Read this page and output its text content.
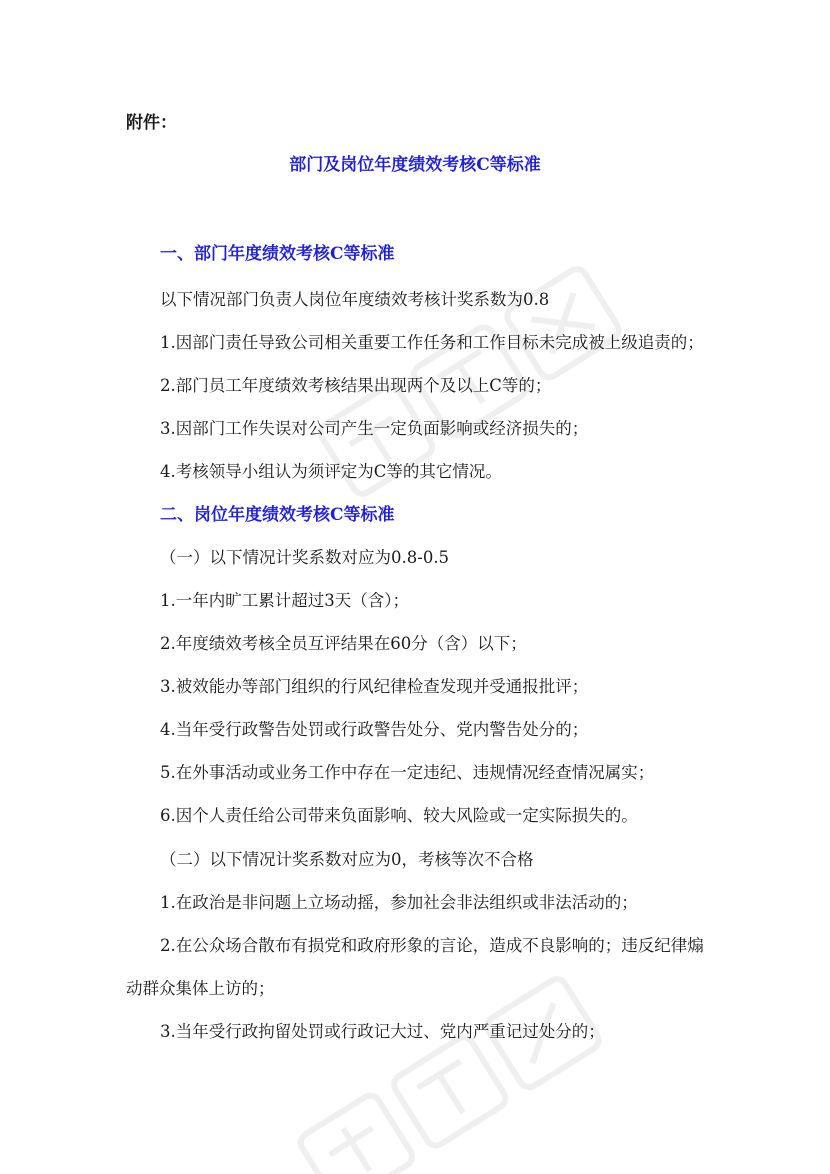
附件：
部门及岗位年度绩效考核C等标准
一、部门年度绩效考核C等标准
以下情况部门负责人岗位年度绩效考核计奖系数为0.8
1.因部门责任导致公司相关重要工作任务和工作目标未完成被上级追责的；
2.部门员工年度绩效考核结果出现两个及以上C等的；
3.因部门工作失误对公司产生一定负面影响或经济损失的；
4.考核领导小组认为须评定为C等的其它情况。
二、岗位年度绩效考核C等标准
（一）以下情况计奖系数对应为0.8-0.5
1.一年内旷工累计超过3天（含）；
2.年度绩效考核全员互评结果在60分（含）以下；
3.被效能办等部门组织的行风纪律检查发现并受通报批评；
4.当年受行政警告处罚或行政警告处分、党内警告处分的；
5.在外事活动或业务工作中存在一定违纪、违规情况经查情况属实；
6.因个人责任给公司带来负面影响、较大风险或一定实际损失的。
（二）以下情况计奖系数对应为0，考核等次不合格
1.在政治是非问题上立场动摇，参加社会非法组织或非法活动的；
2.在公众场合散布有损党和政府形象的言论，造成不良影响的；违反纪律煽
动群众集体上访的；
3.当年受行政拘留处罚或行政记大过、党内严重记过处分的；
